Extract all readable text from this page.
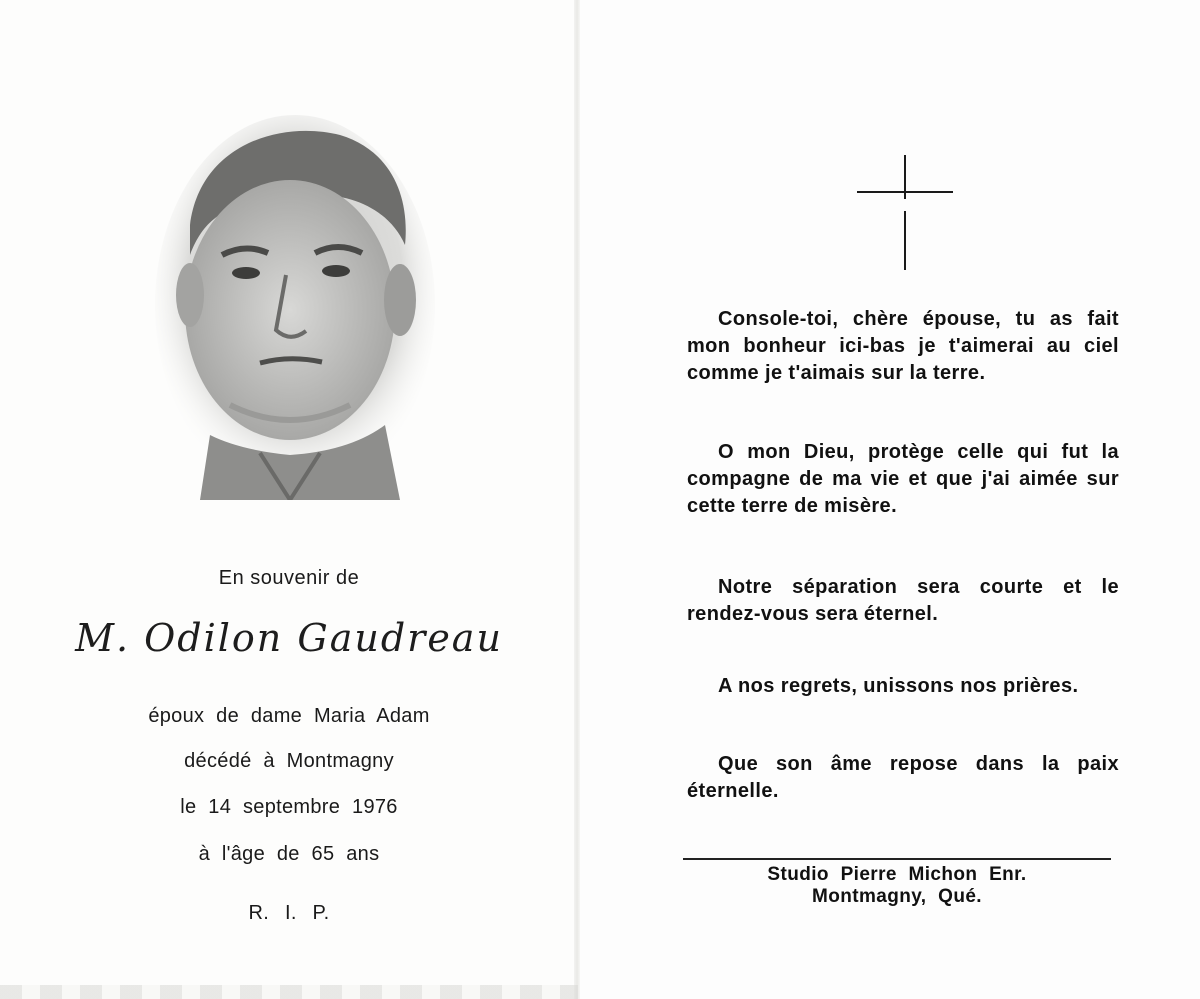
En souvenir de
M. Odilon Gaudreau
époux de dame Maria Adam
décédé à Montmagny
le 14 septembre 1976
à l'âge de 65 ans
R. I. P.
Console-toi, chère épouse, tu as fait mon bonheur ici-bas je t'aimerai au ciel comme je t'aimais sur la terre.
O mon Dieu, protège celle qui fut la compagne de ma vie et que j'ai aimée sur cette terre de misère.
Notre séparation sera courte et le rendez-vous sera éternel.
A nos regrets, unissons nos prières.
Que son âme repose dans la paix éternelle.
Studio Pierre Michon Enr.
Montmagny, Qué.
